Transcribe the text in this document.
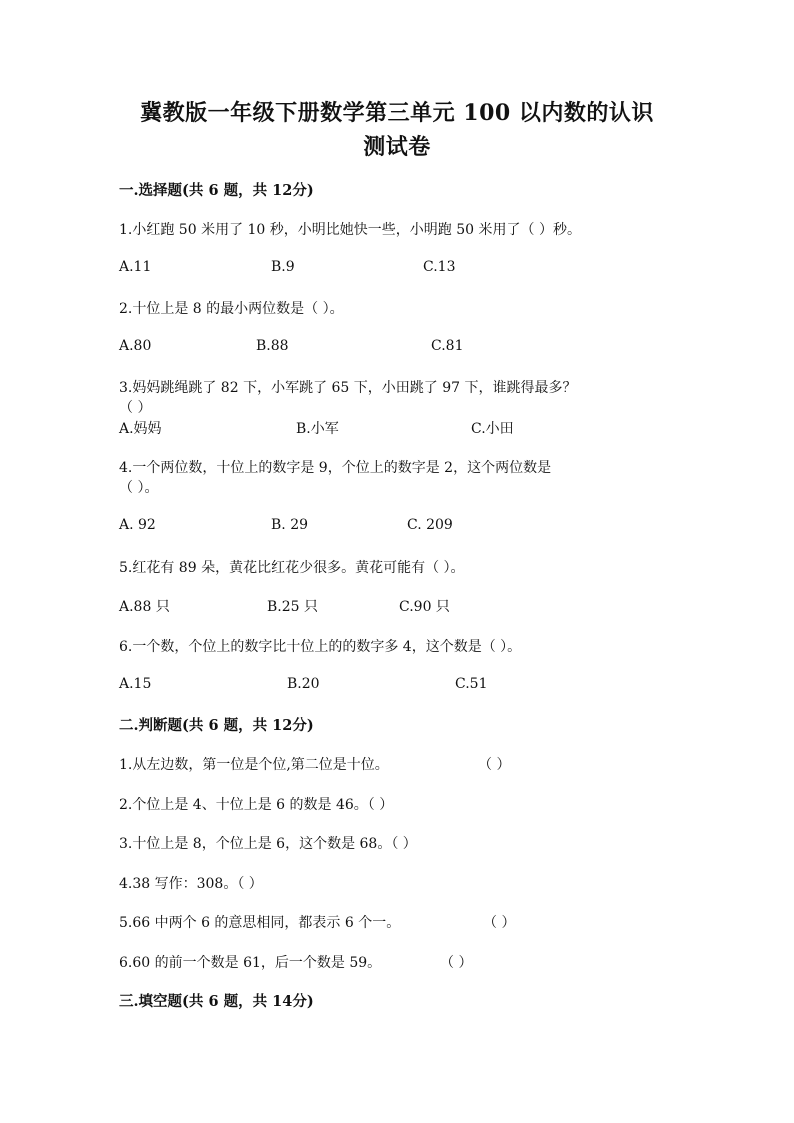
冀教版一年级下册数学第三单元 100 以内数的认识
测试卷
一.选择题(共 6 题，共 12分)
1.小红跑 50 米用了 10 秒，小明比她快一些，小明跑 50 米用了（ ）秒。
A.11	B.9	C.13
2.十位上是 8 的最小两位数是（ ）。
A.80	B.88	C.81
3.妈妈跳绳跳了 82 下，小军跳了 65 下，小田跳了 97 下，谁跳得最多？
（ ）
A.妈妈	B.小军	C.小田
4.一个两位数，十位上的数字是 9，个位上的数字是 2，这个两位数是
（ ）。
A. 92	B. 29	C. 209
5.红花有 89 朵，黄花比红花少很多。黄花可能有（ ）。
A.88 只	B.25 只	C.90 只
6.一个数，个位上的数字比十位上的的数字多 4，这个数是（ ）。
A.15	B.20	C.51
二.判断题(共 6 题，共 12分)
1.从左边数，第一位是个位,第二位是十位。	（ ）
2.个位上是 4、十位上是 6 的数是 46。（ ）
3.十位上是 8，个位上是 6，这个数是 68。（ ）
4.38 写作：308。（ ）
5.66 中两个 6 的意思相同，都表示 6 个一。	（ ）
6.60 的前一个数是 61，后一个数是 59。	（ ）
三.填空题(共 6 题，共 14分)
